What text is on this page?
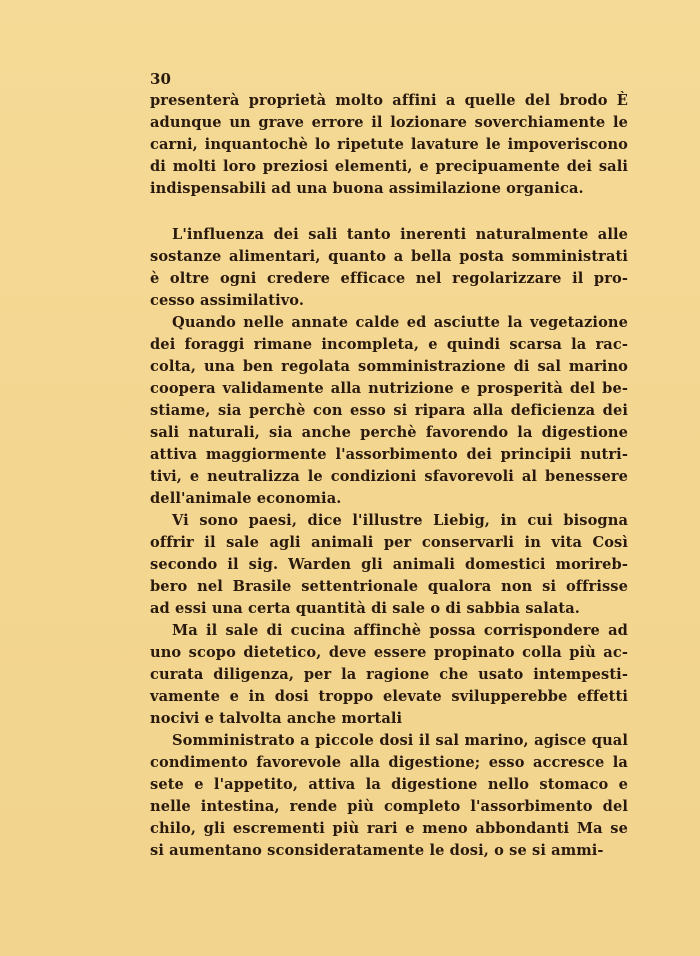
30
presenterà proprietà molto affini a quelle del brodo È
adunque un grave errore il lozionare soverchiamente le
carni, inquantochè lo ripetute lavature le impoveriscono
di molti loro preziosi elementi, e precipuamente dei sali
indispensabili ad una buona assimilazione organica.
L'influenza dei sali tanto inerenti naturalmente alle
sostanze alimentari, quanto a bella posta somministrati
è oltre ogni credere efficace nel regolarizzare il pro-
cesso assimilativo.
Quando nelle annate calde ed asciutte la vegetazione
dei foraggi rimane incompleta, e quindi scarsa la rac-
colta, una ben regolata somministrazione di sal marino
coopera validamente alla nutrizione e prosperità del be-
stiame, sia perchè con esso si ripara alla deficienza dei
sali naturali, sia anche perchè favorendo la digestione
attiva maggiormente l'assorbimento dei principii nutri-
tivi, e neutralizza le condizioni sfavorevoli al benessere
dell'animale economia.
Vi sono paesi, dice l'illustre Liebig, in cui bisogna
offrir il sale agli animali per conservarli in vita Così
secondo il sig. Warden gli animali domestici morireb-
bero nel Brasile settentrionale qualora non si offrisse
ad essi una certa quantità di sale o di sabbia salata.
Ma il sale di cucina affinchè possa corrispondere ad
uno scopo dietetico, deve essere propinato colla più ac-
curata diligenza, per la ragione che usato intempesti-
vamente e in dosi troppo elevate svilupperebbe effetti
nocivi e talvolta anche mortali
Somministrato a piccole dosi il sal marino, agisce qual
condimento favorevole alla digestione; esso accresce la
sete e l'appetito, attiva la digestione nello stomaco e
nelle intestina, rende più completo l'assorbimento del
chilo, gli escrementi più rari e meno abbondanti Ma se
si aumentano sconsideratamente le dosi, o se si ammi-
